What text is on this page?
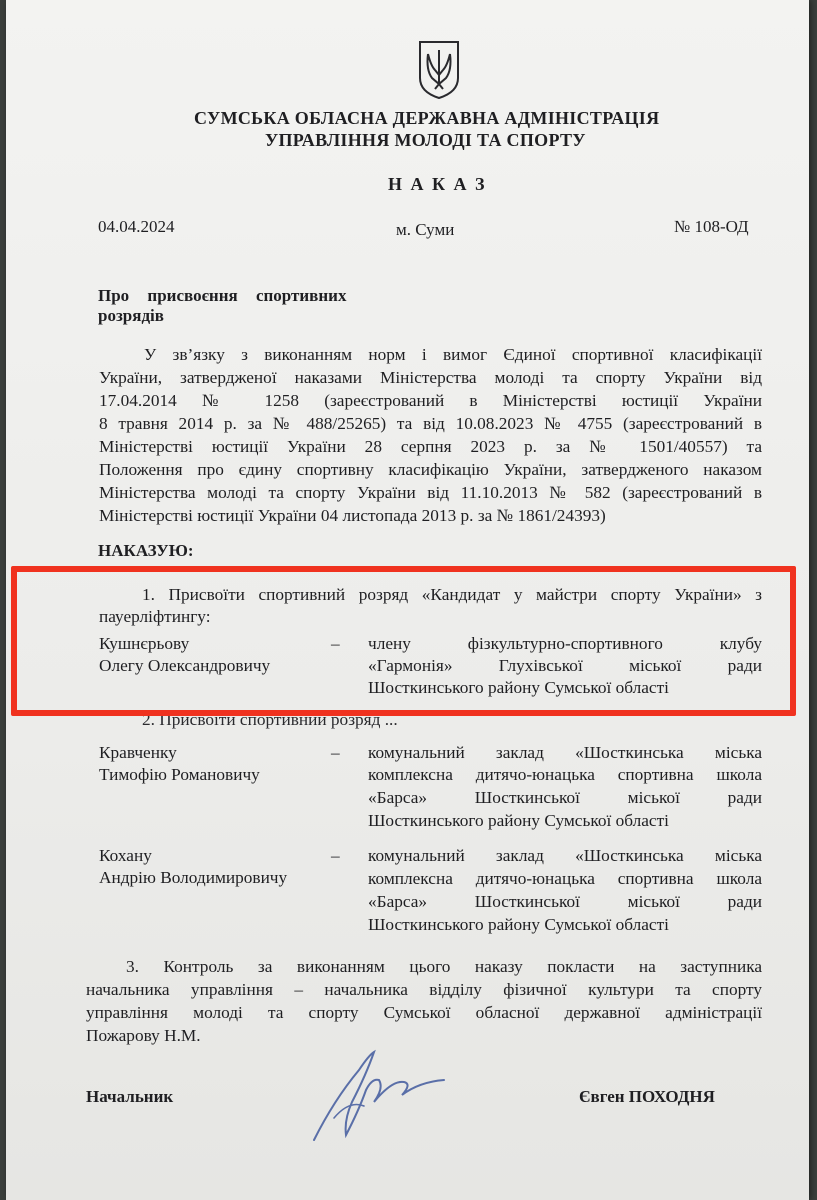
СУМСЬКА ОБЛАСНА ДЕРЖАВНА АДМІНІСТРАЦІЯ
УПРАВЛІННЯ МОЛОДІ ТА СПОРТУ
Н А К А З
04.04.2024	м. Суми	№ 108-ОД
Про присвоєння спортивних
розрядів
У зв’язку з виконанням норм і вимог Єдиної спортивної класифікації
України, затвердженої наказами Міністерства молоді та спорту України від
17.04.2014 № 1258 (зареєстрований в Міністерстві юстиції України
8 травня 2014 р. за № 488/25265) та від 10.08.2023 № 4755 (зареєстрований в
Міністерстві юстиції України 28 серпня 2023 р. за № 1501/40557) та
Положення про єдину спортивну класифікацію України, затвердженого наказом
Міністерства молоді та спорту України від 11.10.2013 № 582 (зареєстрований в
Міністерстві юстиції України 04 листопада 2013 р. за № 1861/24393)
НАКАЗУЮ:
1. Присвоїти спортивний розряд «Кандидат у майстри спорту України» з
пауерліфтингу:
Кушнєрьову
Олегу Олександровичу
– члену фізкультурно-спортивного клубу
«Гармонія» Глухівської міської ради
Шосткинського району Сумської області
2. Присвоїти спортивний розряд ...
Кравченку
Тимофію Романовичу
– комунальний заклад «Шосткинська міська
комплексна дитячо-юнацька спортивна школа
«Барса» Шосткинської міської ради
Шосткинського району Сумської області
Кохану
Андрію Володимировичу
– комунальний заклад «Шосткинська міська
комплексна дитячо-юнацька спортивна школа
«Барса» Шосткинської міської ради
Шосткинського району Сумської області
3. Контроль за виконанням цього наказу покласти на заступника
начальника управління – начальника відділу фізичної культури та спорту
управління молоді та спорту Сумської обласної державної адміністрації
Пожарову Н.М.
Начальник	Євген ПОХОДНЯ
